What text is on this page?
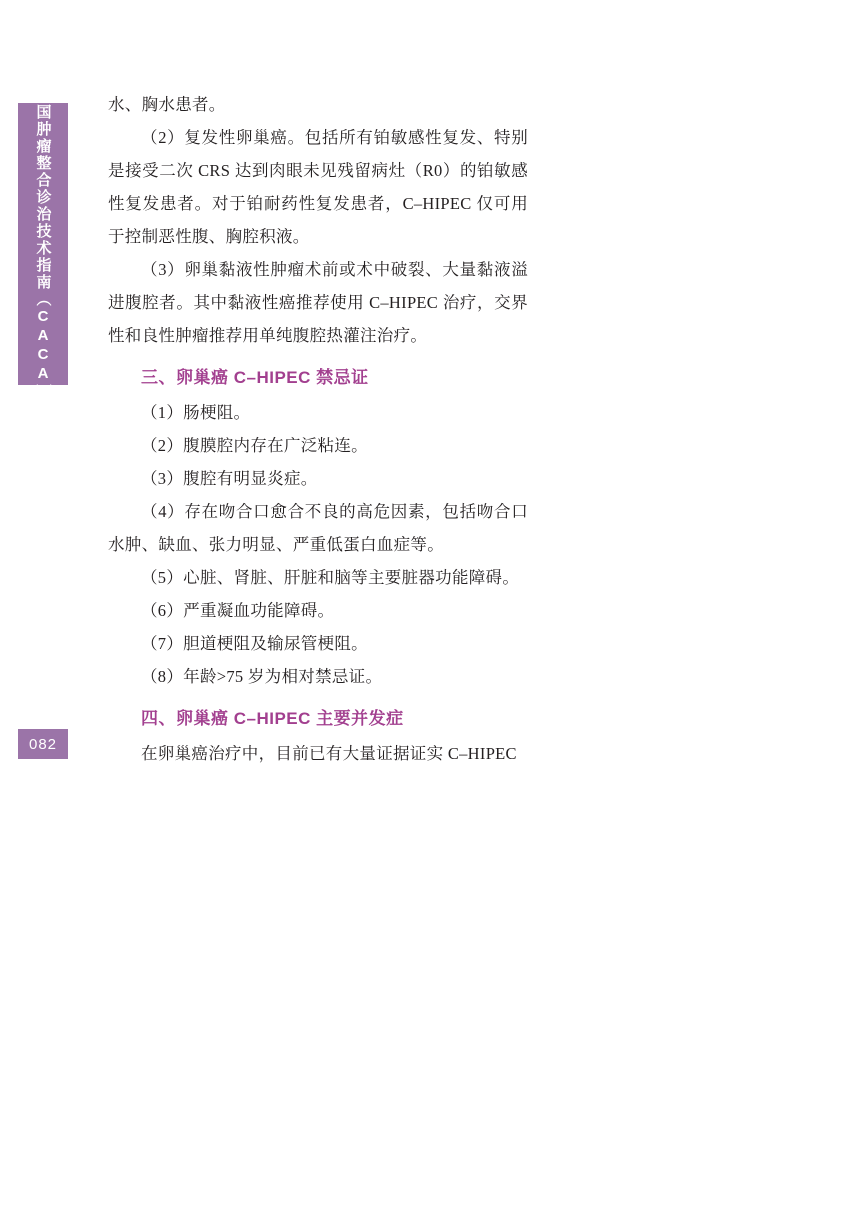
中国肿瘤整合诊治技术指南（CACA）
082

水、胸水患者。

（2）复发性卵巢癌。包括所有铂敏感性复发、特别是接受二次 CRS 达到肉眼未见残留病灶（R0）的铂敏感性复发患者。对于铂耐药性复发患者，C–HIPEC 仅可用于控制恶性腹、胸腔积液。

（3）卵巢黏液性肿瘤术前或术中破裂、大量黏液溢进腹腔者。其中黏液性癌推荐使用 C–HIPEC 治疗，交界性和良性肿瘤推荐用单纯腹腔热灌注治疗。

三、卵巢癌 C–HIPEC 禁忌证

（1）肠梗阻。

（2）腹膜腔内存在广泛粘连。

（3）腹腔有明显炎症。

（4）存在吻合口愈合不良的高危因素，包括吻合口水肿、缺血、张力明显、严重低蛋白血症等。

（5）心脏、肾脏、肝脏和脑等主要脏器功能障碍。

（6）严重凝血功能障碍。

（7）胆道梗阻及输尿管梗阻。

（8）年龄>75 岁为相对禁忌证。

四、卵巢癌 C–HIPEC 主要并发症

在卵巢癌治疗中，目前已有大量证据证实 C–HIPEC
